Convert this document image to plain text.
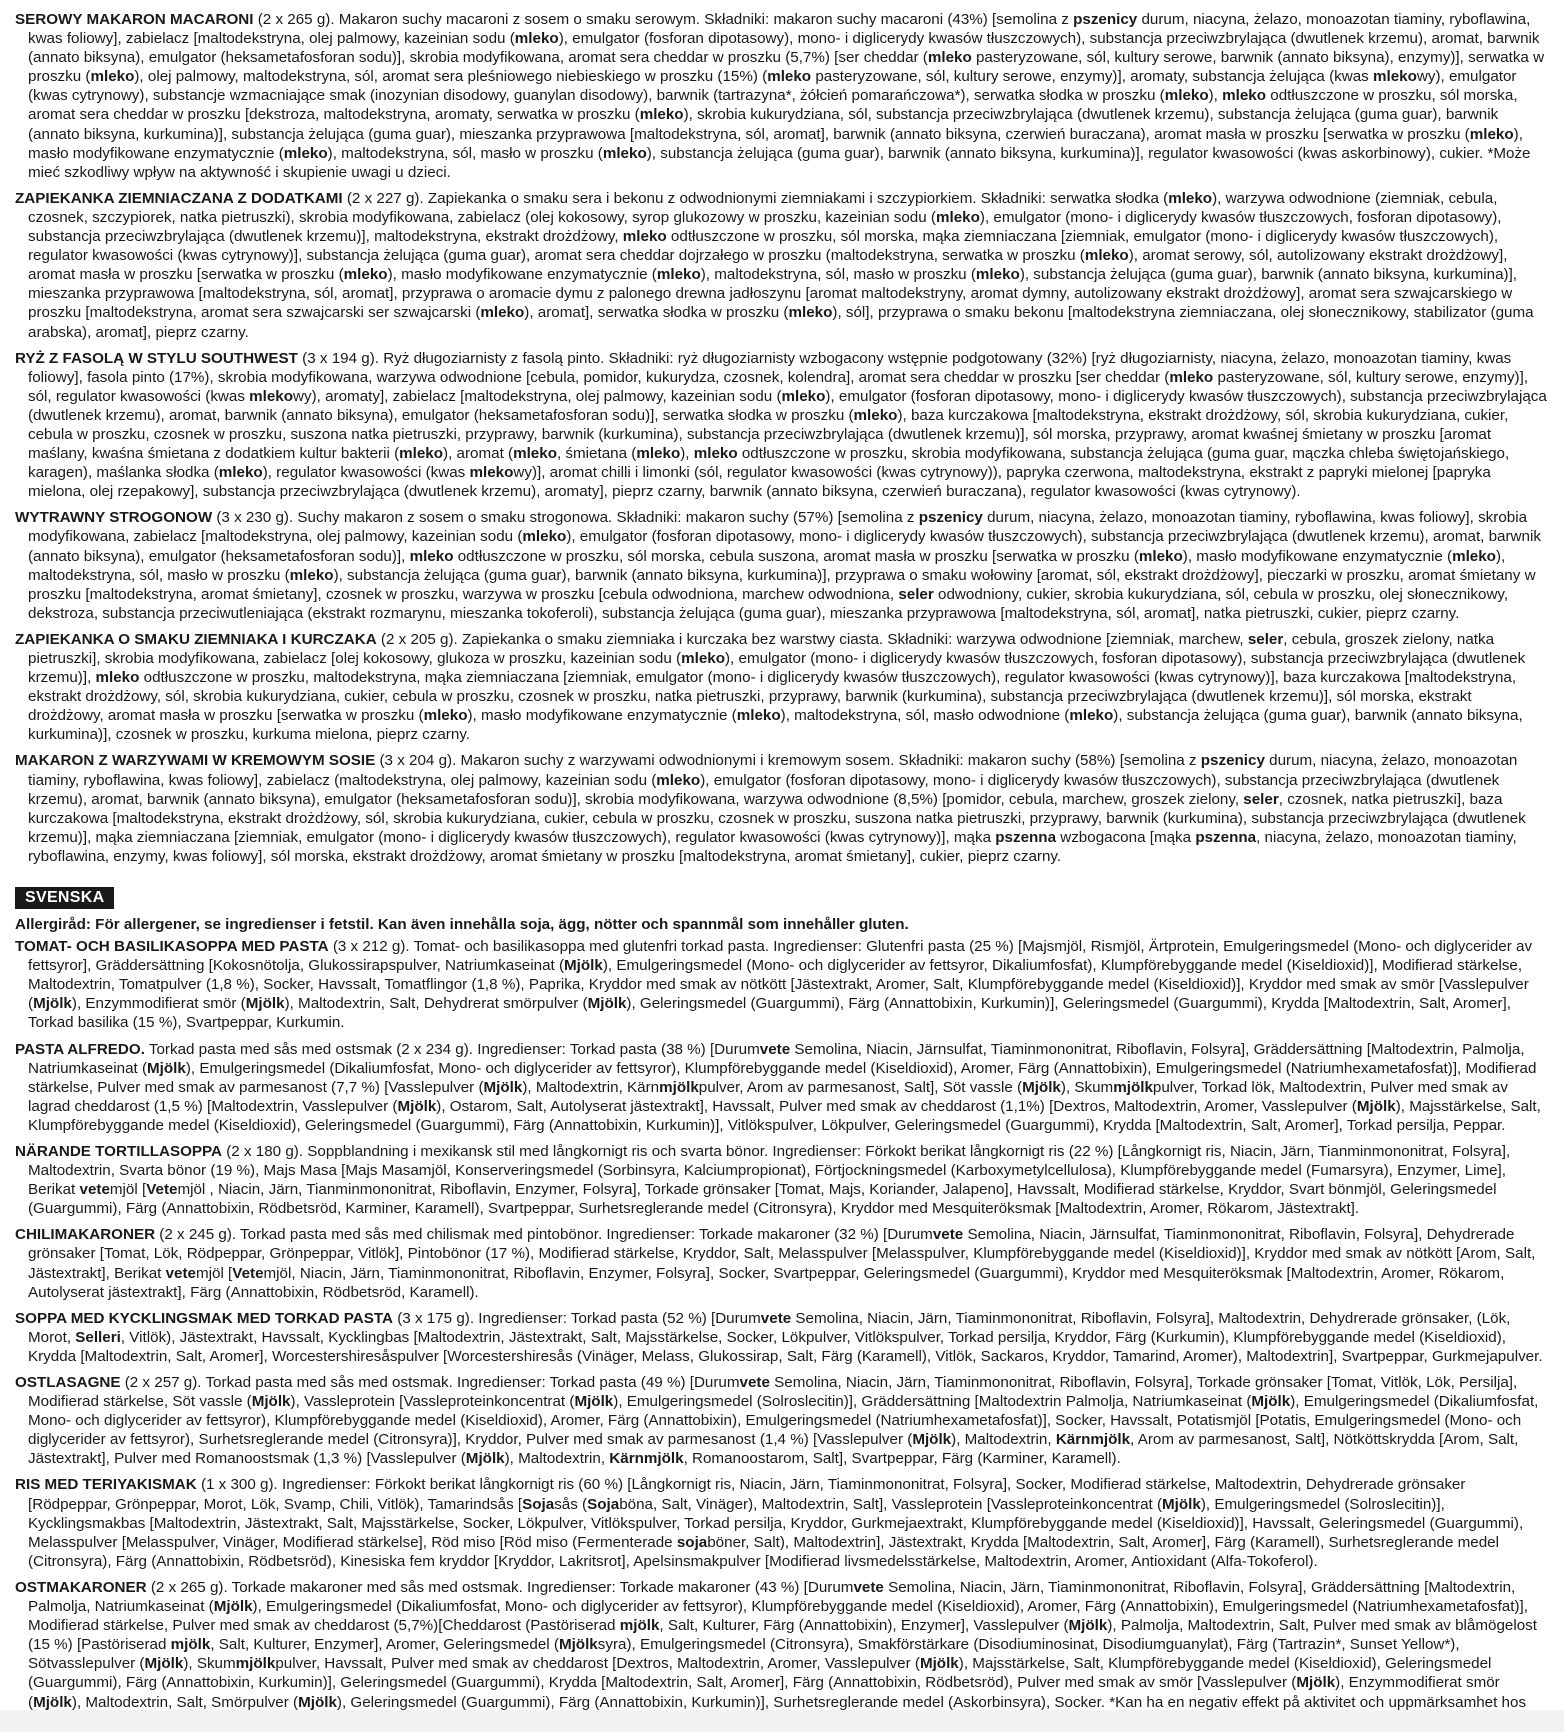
SEROWY MAKARON MACARONI (2 x 265 g). Makaron suchy macaroni z sosem o smaku serowym. Składniki: makaron suchy macaroni (43%) [semolina z pszenicy durum, niacyna, żelazo, monoazotan tiaminy, ryboflawina, kwas foliowy], zabielacz [maltodekstryna, olej palmowy, kazeinian sodu (mleko), emulgator (fosforan dipotasowy), mono- i diglicerydy kwasów tłuszczowych), substancja przeciwzbrylająca (dwutlenek krzemu), aromat, barwnik (annato biksyna), emulgator (heksametafosforan sodu)], skrobia modyfikowana, aromat sera cheddar w proszku (5,7%) [ser cheddar (mleko pasteryzowane, sól, kultury serowe, barwnik (annato biksyna), enzymy)], serwatka w proszku (mleko), olej palmowy, maltodekstryna, sól, aromat sera pleśniowego niebieskiego w proszku (15%) (mleko pasteryzowane, sól, kultury serowe, enzymy)], aromaty, substancja żelująca (kwas mlekowy), emulgator (kwas cytrynowy), substancje wzmacniające smak (inozynian disodowy, guanylan disodowy), barwnik (tartrazyna*, żółcień pomarańczowa*), serwatka słodka w proszku (mleko), mleko odtłuszczone w proszku, sól morska, aromat sera cheddar w proszku [dekstroza, maltodekstryna, aromaty, serwatka w proszku (mleko), skrobia kukurydziana, sól, substancja przeciwzbrylająca (dwutlenek krzemu), substancja żelująca (guma guar), barwnik (annato biksyna, kurkumina)], substancja żelująca (guma guar), mieszanka przyprawowa [maltodekstryna, sól, aromat], barwnik (annato biksyna, czerwień buraczana), aromat masła w proszku [serwatka w proszku (mleko), masło modyfikowane enzymatycznie (mleko), maltodekstryna, sól, masło w proszku (mleko), substancja żelująca (guma guar), barwnik (annato biksyna, kurkumina)], regulator kwasowości (kwas askorbinowy), cukier. *Może mieć szkodliwy wpływ na aktywność i skupienie uwagi u dzieci.

ZAPIEKANKA ZIEMNIACZANA Z DODATKAMI (2 x 227 g). Zapiekanka o smaku sera i bekonu z odwodnionymi ziemniakami i szczypiorkiem. Składniki: serwatka słodka (mleko), warzywa odwodnione (ziemniak, cebula, czosnek, szczypiorek, natka pietruszki), skrobia modyfikowana, zabielacz (olej kokosowy, syrop glukozowy w proszku, kazeinian sodu (mleko), emulgator (mono- i diglicerydy kwasów tłuszczowych, fosforan dipotasowy), substancja przeciwzbrylająca (dwutlenek krzemu)], maltodekstryna, ekstrakt drożdżowy, mleko odtłuszczone w proszku, sól morska, mąka ziemniaczana [ziemniak, emulgator (mono- i diglicerydy kwasów tłuszczowych), regulator kwasowości (kwas cytrynowy)], substancja żelująca (guma guar), aromat sera cheddar dojrzałego w proszku (maltodekstryna, serwatka w proszku (mleko), aromat serowy, sól, autolizowany ekstrakt drożdżowy], aromat masła w proszku [serwatka w proszku (mleko), masło modyfikowane enzymatycznie (mleko), maltodekstryna, sól, masło w proszku (mleko), substancja żelująca (guma guar), barwnik (annato biksyna, kurkumina)], mieszanka przyprawowa [maltodekstryna, sól, aromat], przyprawa o aromacie dymu z palonego drewna jadłoszynu [aromat maltodekstryny, aromat dymny, autolizowany ekstrakt drożdżowy], aromat sera szwajcarskiego w proszku [maltodekstryna, aromat sera szwajcarski ser szwajcarski (mleko), aromat], serwatka słodka w proszku (mleko), sól], przyprawa o smaku bekonu [maltodekstryna ziemniaczana, olej słonecznikowy, stabilizator (guma arabska), aromat], pieprz czarny.

RYŻ Z FASOLĄ W STYLU SOUTHWEST (3 x 194 g). Ryż długoziarnisty z fasolą pinto. Składniki: ryż długoziarnisty wzbogacony wstępnie podgotowany (32%) [ryż długoziarnisty, niacyna, żelazo, monoazotan tiaminy, kwas foliowy], fasola pinto (17%), skrobia modyfikowana, warzywa odwodnione [cebula, pomidor, kukurydza, czosnek, kolendra], aromat sera cheddar w proszku [ser cheddar (mleko pasteryzowane, sól, kultury serowe, enzymy)], sól, regulator kwasowości (kwas mlekowy), aromaty], zabielacz [maltodekstryna, olej palmowy, kazeinian sodu (mleko), emulgator (fosforan dipotasowy, mono- i diglicerydy kwasów tłuszczowych), substancja przeciwzbrylająca (dwutlenek krzemu), aromat, barwnik (annato biksyna), emulgator (heksametafosforan sodu)], serwatka słodka w proszku (mleko), baza kurczakowa [maltodekstryna, ekstrakt drożdżowy, sól, skrobia kukurydziana, cukier, cebula w proszku, czosnek w proszku, suszona natka pietruszki, przyprawy, barwnik (kurkumina), substancja przeciwzbrylająca (dwutlenek krzemu)], sól morska, przyprawy, aromat kwaśnej śmietany w proszku [aromat maślany, kwaśna śmietana z dodatkiem kultur bakterii (mleko), aromat (mleko, śmietana (mleko), mleko odtłuszczone w proszku, skrobia modyfikowana, substancja żelująca (guma guar, mączka chleba świętojańskiego, karagen), maślanka słodka (mleko), regulator kwasowości (kwas mlekowy)], aromat chilli i limonki (sól, regulator kwasowości (kwas cytrynowy)), papryka czerwona, maltodekstryna, ekstrakt z papryki mielonej [papryka mielona, olej rzepakowy], substancja przeciwzbrylająca (dwutlenek krzemu), aromaty], pieprz czarny, barwnik (annato biksyna, czerwień buraczana), regulator kwasowości (kwas cytrynowy).

WYTRAWNY STROGONOW (3 x 230 g). Suchy makaron z sosem o smaku strogonowa. Składniki: makaron suchy (57%) [semolina z pszenicy durum, niacyna, żelazo, monoazotan tiaminy, ryboflawina, kwas foliowy], skrobia modyfikowana, zabielacz [maltodekstryna, olej palmowy, kazeinian sodu (mleko), emulgator (fosforan dipotasowy, mono- i diglicerydy kwasów tłuszczowych), substancja przeciwzbrylająca (dwutlenek krzemu), aromat, barwnik (annato biksyna), emulgator (heksametafosforan sodu)], mleko odtłuszczone w proszku, sól morska, cebula suszona, aromat masła w proszku [serwatka w proszku (mleko), masło modyfikowane enzymatycznie (mleko), maltodekstryna, sól, masło w proszku (mleko), substancja żelująca (guma guar), barwnik (annato biksyna, kurkumina)], przyprawa o smaku wołowiny [aromat, sól, ekstrakt drożdżowy], pieczarki w proszku, aromat śmietany w proszku [maltodekstryna, aromat śmietany], czosnek w proszku, warzywa w proszku [cebula odwodniona, marchew odwodniona, seler odwodniony, cukier, skrobia kukurydziana, sól, cebula w proszku, olej słonecznikowy, dekstroza, substancja przeciwutleniająca (ekstrakt rozmarynu, mieszanka tokoferoli), substancja żelująca (guma guar), mieszanka przyprawowa [maltodekstryna, sól, aromat], natka pietruszki, cukier, pieprz czarny.

ZAPIEKANKA O SMAKU ZIEMNIAKA I KURCZAKA (2 x 205 g). Zapiekanka o smaku ziemniaka i kurczaka bez warstwy ciasta. Składniki: warzywa odwodnione [ziemniak, marchew, seler, cebula, groszek zielony, natka pietruszki], skrobia modyfikowana, zabielacz [olej kokosowy, glukoza w proszku, kazeinian sodu (mleko), emulgator (mono- i diglicerydy kwasów tłuszczowych, fosforan dipotasowy), substancja przeciwzbrylająca (dwutlenek krzemu)], mleko odtłuszczone w proszku, maltodekstryna, mąka ziemniaczana [ziemniak, emulgator (mono- i diglicerydy kwasów tłuszczowych), regulator kwasowości (kwas cytrynowy)], baza kurczakowa [maltodekstryna, ekstrakt drożdżowy, sól, skrobia kukurydziana, cukier, cebula w proszku, czosnek w proszku, natka pietruszki, przyprawy, barwnik (kurkumina), substancja przeciwzbrylająca (dwutlenek krzemu)], sól morska, ekstrakt drożdżowy, aromat masła w proszku [serwatka w proszku (mleko), masło modyfikowane enzymatycznie (mleko), maltodekstryna, sól, masło odwodnione (mleko), substancja żelująca (guma guar), barwnik (annato biksyna, kurkumina)], czosnek w proszku, kurkuma mielona, pieprz czarny.

MAKARON Z WARZYWAMI W KREMOWYM SOSIE (3 x 204 g). Makaron suchy z warzywami odwodnionymi i kremowym sosem. Składniki: makaron suchy (58%) [semolina z pszenicy durum, niacyna, żelazo, monoazotan tiaminy, ryboflawina, kwas foliowy], zabielacz (maltodekstryna, olej palmowy, kazeinian sodu (mleko), emulgator (fosforan dipotasowy, mono- i diglicerydy kwasów tłuszczowych), substancja przeciwzbrylająca (dwutlenek krzemu), aromat, barwnik (annato biksyna), emulgator (heksametafosforan sodu)], skrobia modyfikowana, warzywa odwodnione (8,5%) [pomidor, cebula, marchew, groszek zielony, seler, czosnek, natka pietruszki], baza kurczakowa [maltodekstryna, ekstrakt drożdżowy, sól, skrobia kukurydziana, cukier, cebula w proszku, czosnek w proszku, suszona natka pietruszki, przyprawy, barwnik (kurkumina), substancja przeciwzbrylająca (dwutlenek krzemu)], mąka ziemniaczana [ziemniak, emulgator (mono- i diglicerydy kwasów tłuszczowych), regulator kwasowości (kwas cytrynowy)], mąka pszenna wzbogacona [mąka pszenna, niacyna, żelazo, monoazotan tiaminy, ryboflawina, enzymy, kwas foliowy], sól morska, ekstrakt drożdżowy, aromat śmietany w proszku [maltodekstryna, aromat śmietany], cukier, pieprz czarny.

SVENSKA

Allergiråd: För allergener, se ingredienser i fetstil. Kan även innehålla soja, ägg, nötter och spannmål som innehåller gluten.

TOMAT- OCH BASILIKASOPPA MED PASTA (3 x 212 g). Tomat- och basilikasoppa med glutenfri torkad pasta. Ingredienser: Glutenfri pasta (25 %) [Majsmjöl, Rismjöl, Ärtprotein, Emulgeringsmedel (Mono- och diglycerider av fettsyror], Gräddersättning [Kokosnötolja, Glukossirapspulver, Natriumkaseinat (Mjölk), Emulgeringsmedel (Mono- och diglycerider av fettsyror, Dikaliumfosfat), Klumpförebyggande medel (Kiseldioxid)], Modifierad stärkelse, Maltodextrin, Tomatpulver (1,8 %), Socker, Havssalt, Tomatflingor (1,8 %), Paprika, Kryddor med smak av nötkött [Jästextrakt, Aromer, Salt, Klumpförebyggande medel (Kiseldioxid)], Kryddor med smak av smör [Vasslepulver (Mjölk), Enzymmodifierat smör (Mjölk), Maltodextrin, Salt, Dehydrerat smörpulver (Mjölk), Geleringsmedel (Guargummi), Färg (Annattobixin, Kurkumin)], Geleringsmedel (Guargummi), Krydda [Maltodextrin, Salt, Aromer], Torkad basilika (15 %), Svartpeppar, Kurkumin.

PASTA ALFREDO. Torkad pasta med sås med ostsmak (2 x 234 g). Ingredienser: Torkad pasta (38 %) [Durumvete Semolina, Niacin, Järnsulfat, Tiaminmononitrat, Riboflavin, Folsyra], Gräddersättning [Maltodextrin, Palmolja, Natriumkaseinat (Mjölk), Emulgeringsmedel (Dikaliumfosfat, Mono- och diglycerider av fettsyror), Klumpförebyggande medel (Kiseldioxid), Aromer, Färg (Annattobixin), Emulgeringsmedel (Natriumhexametafosfat)], Modifierad stärkelse, Pulver med smak av parmesanost (7,7 %) [Vasslepulver (Mjölk), Maltodextrin, Kärnmjölkpulver, Arom av parmesanost, Salt], Söt vassle (Mjölk), Skummjölkpulver, Torkad lök, Maltodextrin, Pulver med smak av lagrad cheddarost (1,5 %) [Maltodextrin, Vasslepulver (Mjölk), Ostarom, Salt, Autolyserat jästextrakt], Havssalt, Pulver med smak av cheddarost (1,1%) [Dextros, Maltodextrin, Aromer, Vasslepulver (Mjölk), Majsstärkelse, Salt, Klumpförebyggande medel (Kiseldioxid), Geleringsmedel (Guargummi), Färg (Annattobixin, Kurkumin)], Vitlökspulver, Lökpulver, Geleringsmedel (Guargummi), Krydda [Maltodextrin, Salt, Aromer], Torkad persilja, Peppar.

NÄRANDE TORTILLASOPPA (2 x 180 g). Soppblandning i mexikansk stil med långkornigt ris och svarta bönor. Ingredienser: Förkokt berikat långkornigt ris (22 %) [Långkornigt ris, Niacin, Järn, Tianminmononitrat, Folsyra], Maltodextrin, Svarta bönor (19 %), Majs Masa [Majs Masamjöl, Konserveringsmedel (Sorbinsyra, Kalciumpropionat), Förtjockningsmedel (Karboxymetylcellulosa), Klumpförebyggande medel (Fumarsyra), Enzymer, Lime], Berikat vetemjöl [Vetemjöl , Niacin, Järn, Tianminmononitrat, Riboflavin, Enzymer, Folsyra], Torkade grönsaker [Tomat, Majs, Koriander, Jalapeno], Havssalt, Modifierad stärkelse, Kryddor, Svart bönmjöl, Geleringsmedel (Guargummi), Färg (Annattobixin, Rödbetsröd, Karminer, Karamell), Svartpeppar, Surhetsreglerande medel (Citronsyra), Kryddor med Mesquiteröksmak [Maltodextrin, Aromer, Rökarom, Jästextrakt].

CHILIMAKARONER (2 x 245 g). Torkad pasta med sås med chilismak med pintobönor. Ingredienser: Torkade makaroner (32 %) [Durumvete Semolina, Niacin, Järnsulfat, Tiaminmononitrat, Riboflavin, Folsyra], Dehydrerade grönsaker [Tomat, Lök, Rödpeppar, Grönpeppar, Vitlök], Pintobönor (17 %), Modifierad stärkelse, Kryddor, Salt, Melasspulver [Melasspulver, Klumpförebyggande medel (Kiseldioxid)], Kryddor med smak av nötkött [Arom, Salt, Jästextrakt], Berikat vetemjöl [Vetemjöl, Niacin, Järn, Tiaminmononitrat, Riboflavin, Enzymer, Folsyra], Socker, Svartpeppar, Geleringsmedel (Guargummi), Kryddor med Mesquiteröksmak [Maltodextrin, Aromer, Rökarom, Autolyserat jästextrakt], Färg (Annattobixin, Rödbetsröd, Karamell).

SOPPA MED KYCKLINGSMAK MED TORKAD PASTA (3 x 175 g). Ingredienser: Torkad pasta (52 %) [Durumvete Semolina, Niacin, Järn, Tiaminmononitrat, Riboflavin, Folsyra], Maltodextrin, Dehydrerade grönsaker, (Lök, Morot, Selleri, Vitlök), Jästextrakt, Havssalt, Kycklingbas [Maltodextrin, Jästextrakt, Salt, Majsstärkelse, Socker, Lökpulver, Vitlökspulver, Torkad persilja, Kryddor, Färg (Kurkumin), Klumpförebyggande medel (Kiseldioxid), Krydda [Maltodextrin, Salt, Aromer], Worcestershiresåspulver [Worcestershiresås (Vinäger, Melass, Glukossirap, Salt, Färg (Karamell), Vitlök, Sackaros, Kryddor, Tamarind, Aromer), Maltodextrin], Svartpeppar, Gurkmejapulver.

OSTLASAGNE (2 x 257 g). Torkad pasta med sås med ostsmak. Ingredienser: Torkad pasta (49 %) [Durumvete Semolina, Niacin, Järn, Tiaminmononitrat, Riboflavin, Folsyra], Torkade grönsaker [Tomat, Vitlök, Lök, Persilja], Modifierad stärkelse, Söt vassle (Mjölk), Vassleprotein [Vassleproteinkoncentrat (Mjölk), Emulgeringsmedel (Solroslecitin)], Gräddersättning [Maltodextrin Palmolja, Natriumkaseinat (Mjölk), Emulgeringsmedel (Dikaliumfosfat, Mono- och diglycerider av fettsyror), Klumpförebyggande medel (Kiseldioxid), Aromer, Färg (Annattobixin), Emulgeringsmedel (Natriumhexametafosfat)], Socker, Havssalt, Potatismjöl [Potatis, Emulgeringsmedel (Mono- och diglycerider av fettsyror), Surhetsreglerande medel (Citronsyra)], Kryddor, Pulver med smak av parmesanost (1,4 %) [Vasslepulver (Mjölk), Maltodextrin, Kärnmjölk, Arom av parmesanost, Salt], Nötköttskrydda [Arom, Salt, Jästextrakt], Pulver med Romanoostsmak (1,3 %) [Vasslepulver (Mjölk), Maltodextrin, Kärnmjölk, Romanoostarom, Salt], Svartpeppar, Färg (Karminer, Karamell).

RIS MED TERIYAKISMAK (1 x 300 g). Ingredienser: Förkokt berikat långkornigt ris (60 %) [Långkornigt ris, Niacin, Järn, Tiaminmononitrat, Folsyra], Socker, Modifierad stärkelse, Maltodextrin, Dehydrerade grönsaker [Rödpeppar, Grönpeppar, Morot, Lök, Svamp, Chili, Vitlök), Tamarindsås [Sojasås (Sojaböna, Salt, Vinäger), Maltodextrin, Salt], Vassleprotein [Vassleproteinkoncentrat (Mjölk), Emulgeringsmedel (Solroslecitin)], Kycklingsmakbas [Maltodextrin, Jästextrakt, Salt, Majsstärkelse, Socker, Lökpulver, Vitlökspulver, Torkad persilja, Kryddor, Gurkmejaextrakt, Klumpförebyggande medel (Kiseldioxid)], Havssalt, Geleringsmedel (Guargummi), Melasspulver [Melasspulver, Vinäger, Modifierad stärkelse], Röd miso [Röd miso (Fermenterade sojaböner, Salt), Maltodextrin], Jästextrakt, Krydda [Maltodextrin, Salt, Aromer], Färg (Karamell), Surhetsreglerande medel (Citronsyra), Färg (Annattobixin, Rödbetsröd), Kinesiska fem kryddor [Kryddor, Lakritsrot], Apelsinsmakpulver [Modifierad livsmedelsstärkelse, Maltodextrin, Aromer, Antioxidant (Alfa-Tokoferol).

OSTMAKARONER (2 x 265 g). Torkade makaroner med sås med ostsmak. Ingredienser: Torkade makaroner (43 %) [Durumvete Semolina, Niacin, Järn, Tiaminmononitrat, Riboflavin, Folsyra], Gräddersättning [Maltodextrin, Palmolja, Natriumkaseinat (Mjölk), Emulgeringsmedel (Dikaliumfosfat, Mono- och diglycerider av fettsyror), Klumpförebyggande medel (Kiseldioxid), Aromer, Färg (Annattobixin), Emulgeringsmedel (Natriumhexametafosfat)], Modifierad stärkelse, Pulver med smak av cheddarost (5,7%)[Cheddarost (Pastöriserad mjölk, Salt, Kulturer, Färg (Annattobixin), Enzymer], Vasslepulver (Mjölk), Palmolja, Maltodextrin, Salt, Pulver med smak av blåmögelost (15 %) [Pastöriserad mjölk, Salt, Kulturer, Enzymer], Aromer, Geleringsmedel (Mjölksyra), Emulgeringsmedel (Citronsyra), Smakförstärkare (Disodiuminosinat, Disodiumguanylat), Färg (Tartrazin*, Sunset Yellow*), Sötvasslepulver (Mjölk), Skummjölkpulver, Havssalt, Pulver med smak av cheddarost [Dextros, Maltodextrin, Aromer, Vasslepulver (Mjölk), Majsstärkelse, Salt, Klumpförebyggande medel (Kiseldioxid), Geleringsmedel (Guargummi), Färg (Annattobixin, Kurkumin)], Geleringsmedel (Guargummi), Krydda [Maltodextrin, Salt, Aromer], Färg (Annattobixin, Rödbetsröd), Pulver med smak av smör [Vasslepulver (Mjölk), Enzymmodifierat smör (Mjölk), Maltodextrin, Salt, Smörpulver (Mjölk), Geleringsmedel (Guargummi), Färg (Annattobixin, Kurkumin)], Surhetsreglerande medel (Askorbinsyra), Socker. *Kan ha en negativ effekt på aktivitet och uppmärksamhet hos
